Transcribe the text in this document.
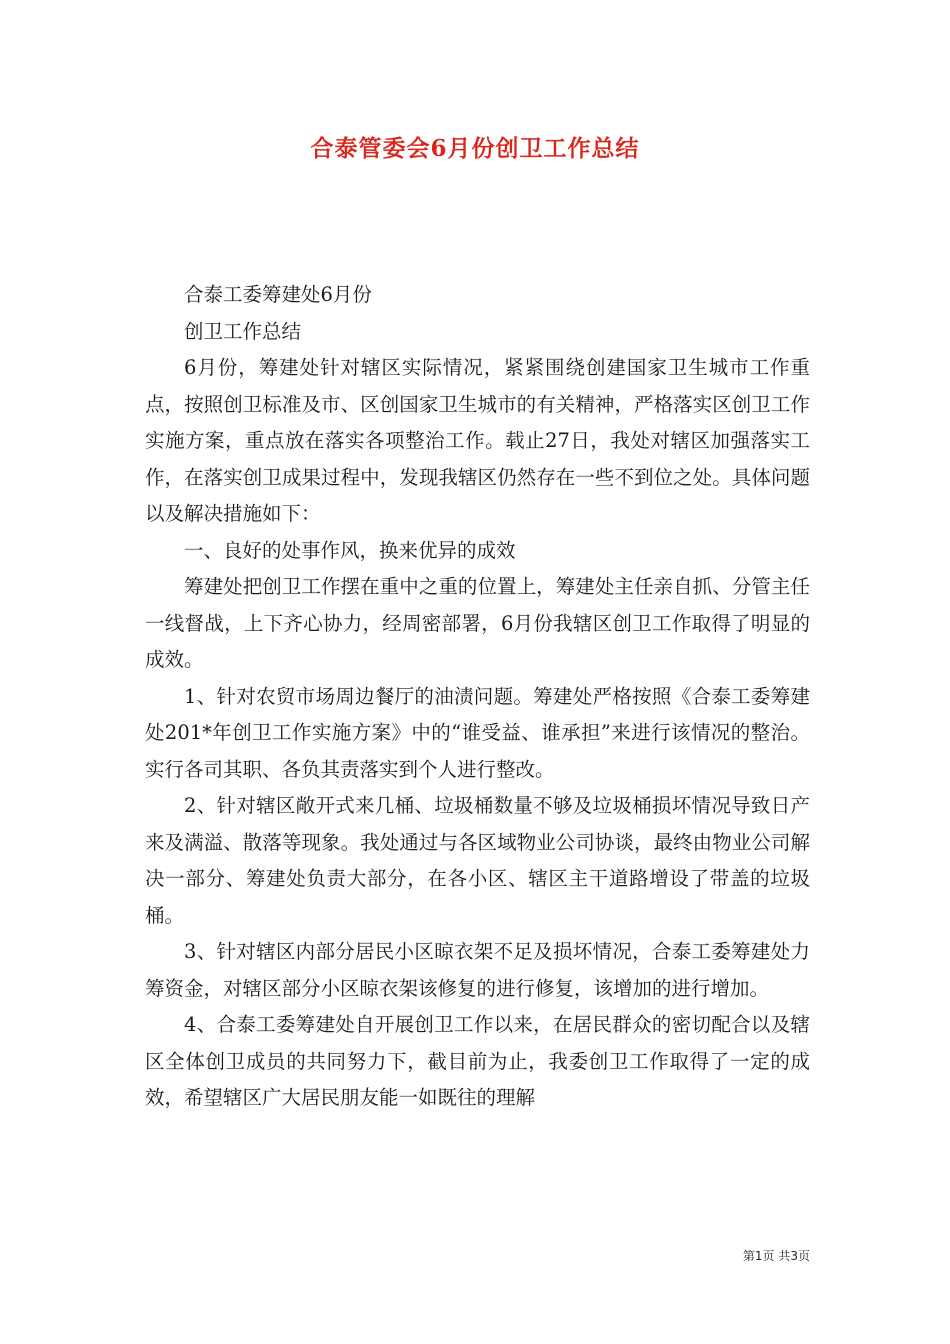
合泰管委会6月份创卫工作总结

合泰工委筹建处6月份

创卫工作总结

6月份，筹建处针对辖区实际情况，紧紧围绕创建国家卫生城市工作重点，按照创卫标准及市、区创国家卫生城市的有关精神，严格落实区创卫工作实施方案，重点放在落实各项整治工作。载止27日，我处对辖区加强落实工作，在落实创卫成果过程中，发现我辖区仍然存在一些不到位之处。具体问题以及解决措施如下：

一、良好的处事作风，换来优异的成效

筹建处把创卫工作摆在重中之重的位置上，筹建处主任亲自抓、分管主任一线督战，上下齐心协力，经周密部署，6月份我辖区创卫工作取得了明显的成效。

1、针对农贸市场周边餐厅的油渍问题。筹建处严格按照《合泰工委筹建处201*年创卫工作实施方案》中的“谁受益、谁承担”来进行该情况的整治。实行各司其职、各负其责落实到个人进行整改。

2、针对辖区敞开式来几桶、垃圾桶数量不够及垃圾桶损坏情况导致日产来及满溢、散落等现象。我处通过与各区域物业公司协谈，最终由物业公司解决一部分、筹建处负责大部分，在各小区、辖区主干道路增设了带盖的垃圾桶。

3、针对辖区内部分居民小区晾衣架不足及损坏情况，合泰工委筹建处力筹资金，对辖区部分小区晾衣架该修复的进行修复，该增加的进行增加。

4、合泰工委筹建处自开展创卫工作以来，在居民群众的密切配合以及辖区全体创卫成员的共同努力下，截目前为止，我委创卫工作取得了一定的成效，希望辖区广大居民朋友能一如既往的理解

第1页 共3页
